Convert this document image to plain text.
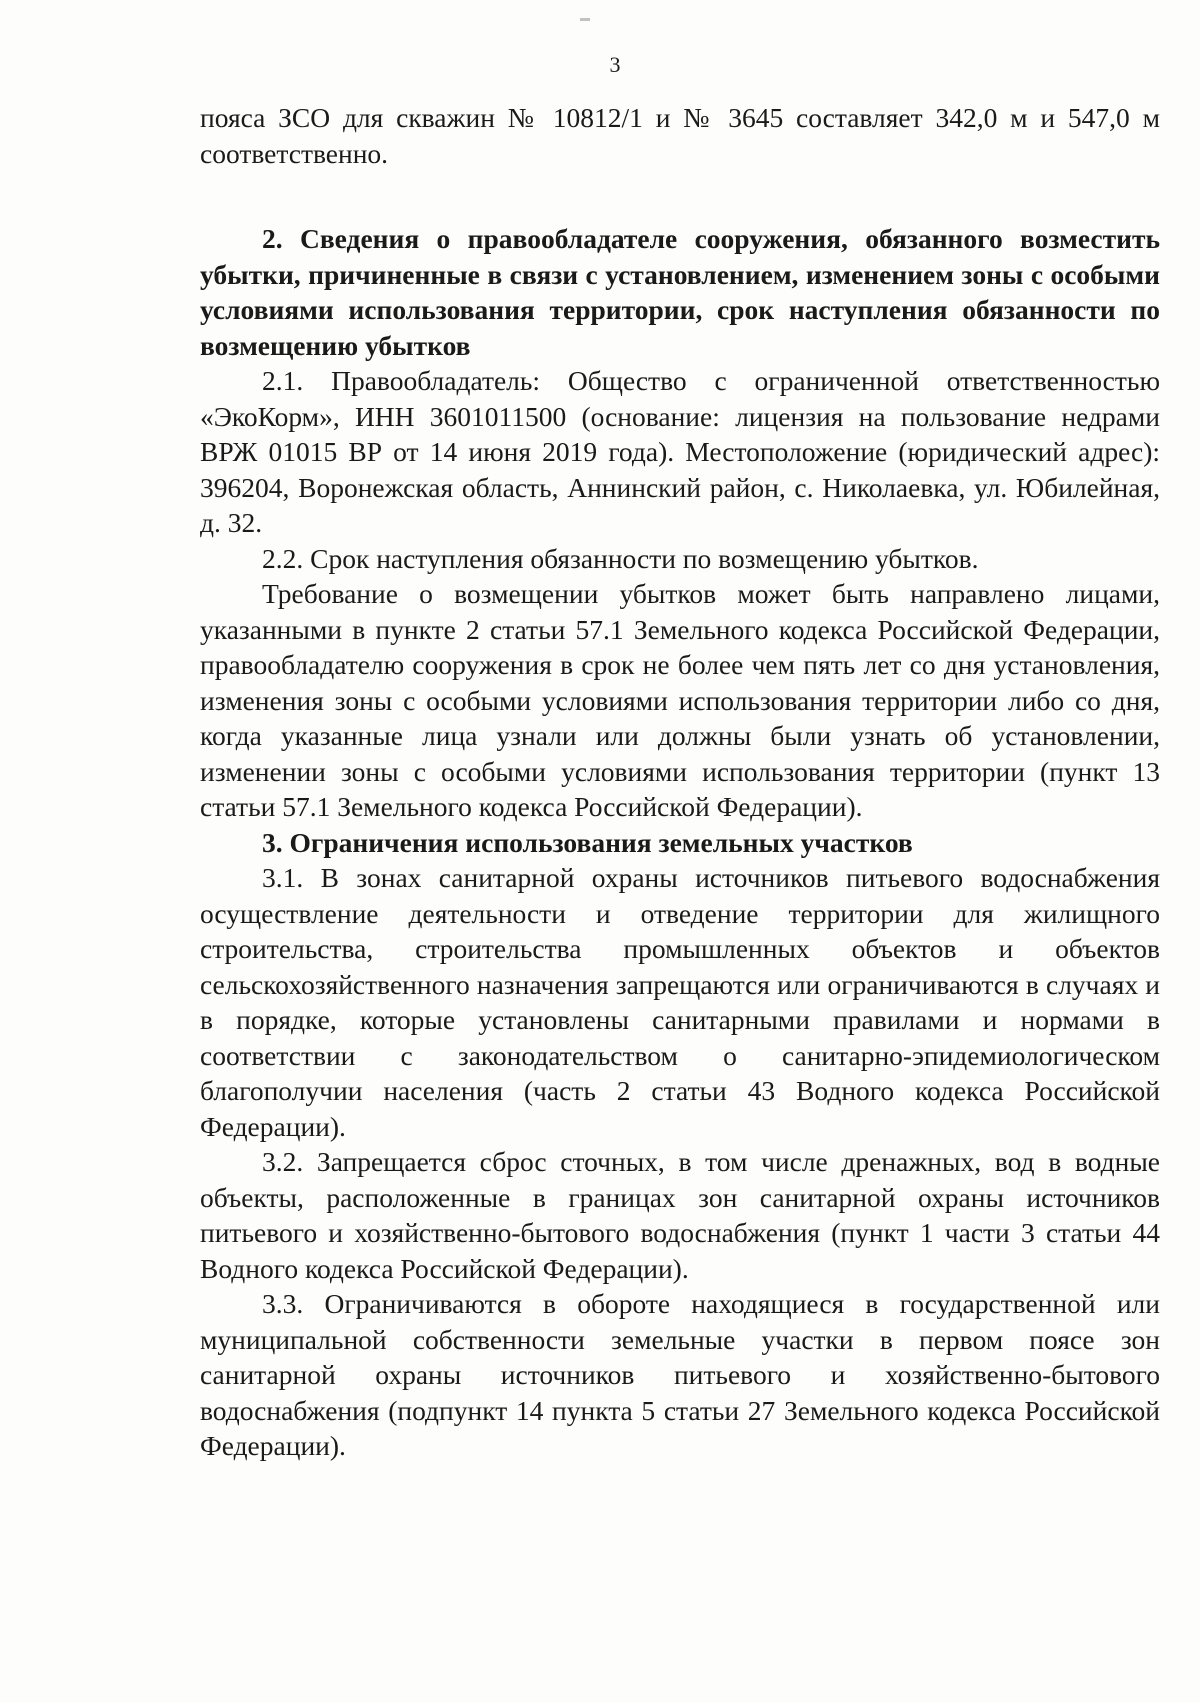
3

пояса ЗСО для скважин № 10812/1 и № 3645 составляет 342,0 м и 547,0 м соответственно.

2. Сведения о правообладателе сооружения, обязанного возместить убытки, причиненные в связи с установлением, изменением зоны с особыми условиями использования территории, срок наступления обязанности по возмещению убытков

2.1. Правообладатель: Общество с ограниченной ответственностью «ЭкоКорм», ИНН 3601011500 (основание: лицензия на пользование недрами ВРЖ 01015 ВР от 14 июня 2019 года). Местоположение (юридический адрес): 396204, Воронежская область, Аннинский район, с. Николаевка, ул. Юбилейная, д. 32.

2.2. Срок наступления обязанности по возмещению убытков.

Требование о возмещении убытков может быть направлено лицами, указанными в пункте 2 статьи 57.1 Земельного кодекса Российской Федерации, правообладателю сооружения в срок не более чем пять лет со дня установления, изменения зоны с особыми условиями использования территории либо со дня, когда указанные лица узнали или должны были узнать об установлении, изменении зоны с особыми условиями использования территории (пункт 13 статьи 57.1 Земельного кодекса Российской Федерации).

3. Ограничения использования земельных участков

3.1. В зонах санитарной охраны источников питьевого водоснабжения осуществление деятельности и отведение территории для жилищного строительства, строительства промышленных объектов и объектов сельскохозяйственного назначения запрещаются или ограничиваются в случаях и в порядке, которые установлены санитарными правилами и нормами в соответствии с законодательством о санитарно-эпидемиологическом благополучии населения (часть 2 статьи 43 Водного кодекса Российской Федерации).

3.2. Запрещается сброс сточных, в том числе дренажных, вод в водные объекты, расположенные в границах зон санитарной охраны источников питьевого и хозяйственно-бытового водоснабжения (пункт 1 части 3 статьи 44 Водного кодекса Российской Федерации).

3.3. Ограничиваются в обороте находящиеся в государственной или муниципальной собственности земельные участки в первом поясе зон санитарной охраны источников питьевого и хозяйственно-бытового водоснабжения (подпункт 14 пункта 5 статьи 27 Земельного кодекса Российской Федерации).
